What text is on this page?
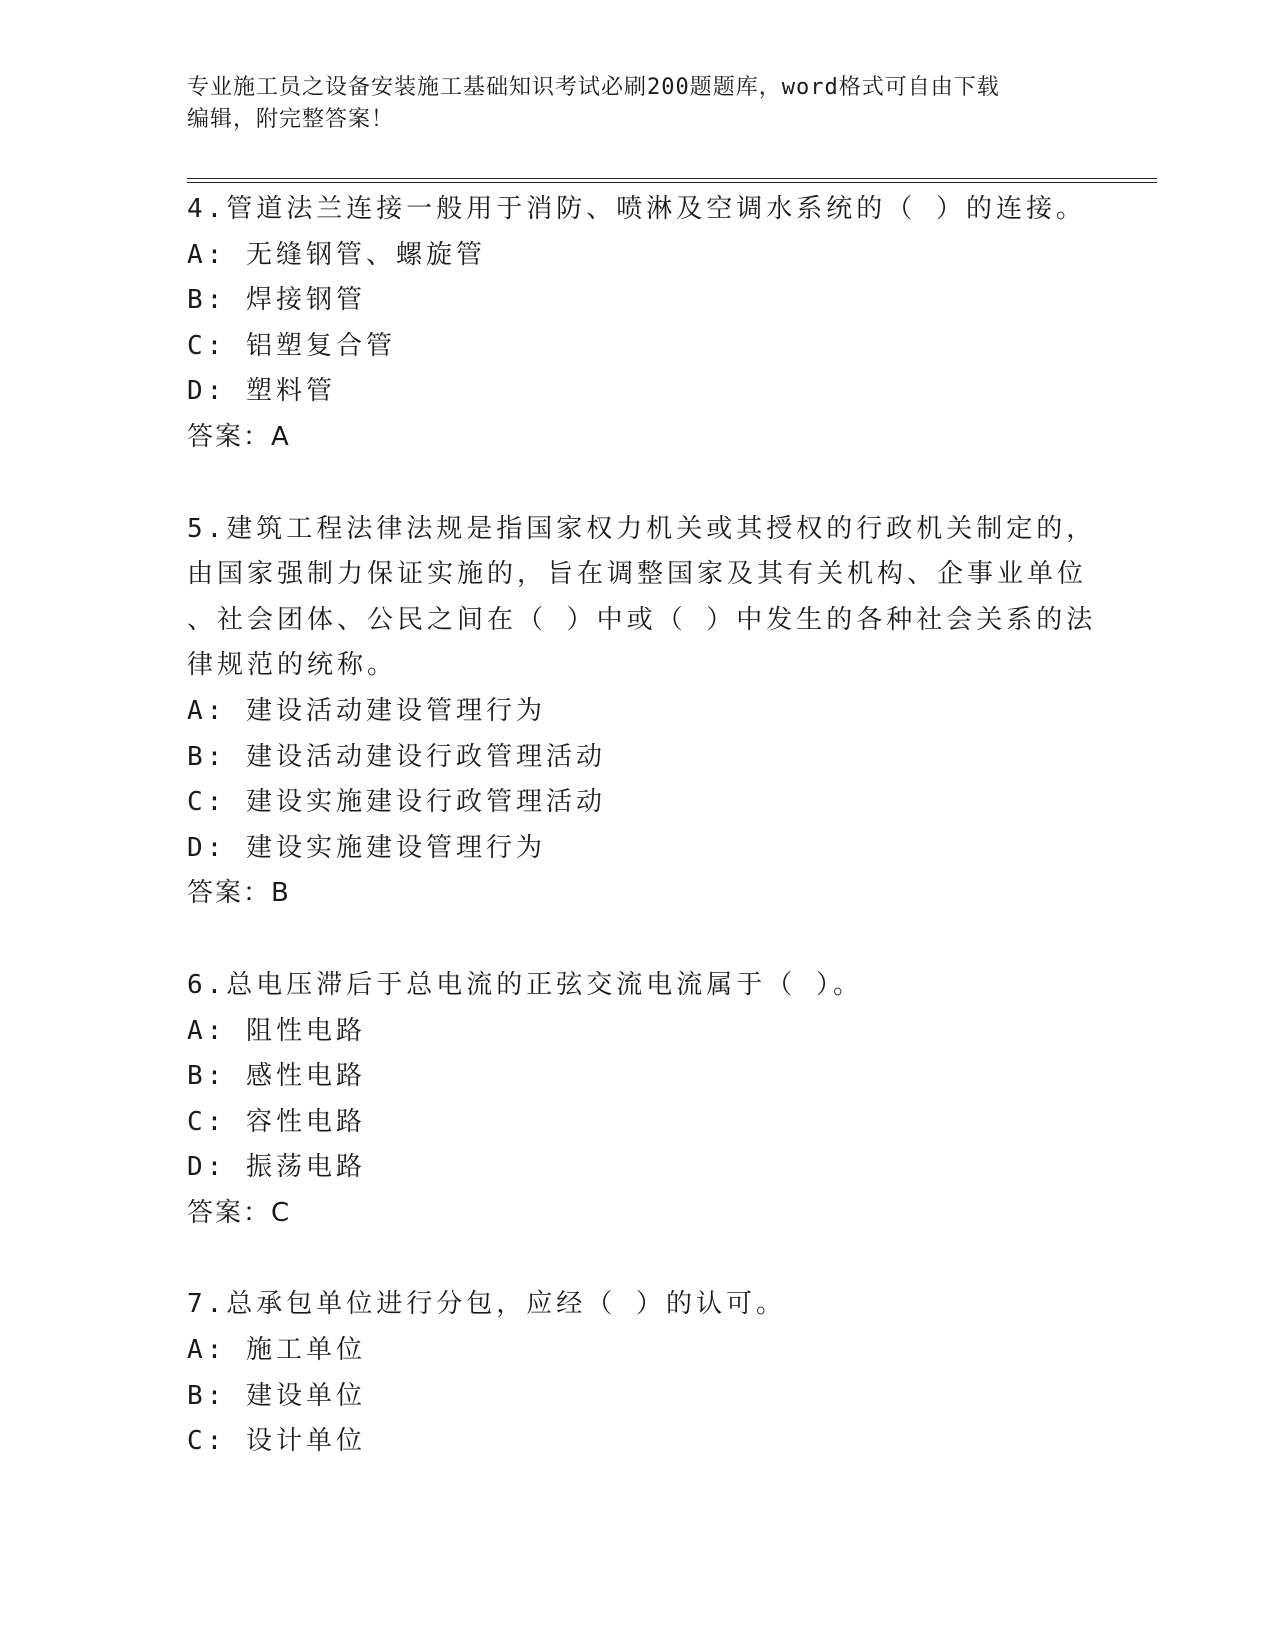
专业施工员之设备安装施工基础知识考试必刷200题题库，word格式可自由下载
编辑，附完整答案！
4.管道法兰连接一般用于消防、喷淋及空调水系统的（ ）的连接。
A: 无缝钢管、螺旋管
B: 焊接钢管
C: 铝塑复合管
D: 塑料管
答案：A
5.建筑工程法律法规是指国家权力机关或其授权的行政机关制定的，
由国家强制力保证实施的，旨在调整国家及其有关机构、企事业单位
、社会团体、公民之间在（ ）中或（ ）中发生的各种社会关系的法
律规范的统称。
A: 建设活动建设管理行为
B: 建设活动建设行政管理活动
C: 建设实施建设行政管理活动
D: 建设实施建设管理行为
答案：B
6.总电压滞后于总电流的正弦交流电流属于（ ）。
A: 阻性电路
B: 感性电路
C: 容性电路
D: 振荡电路
答案：C
7.总承包单位进行分包，应经（ ）的认可。
A: 施工单位
B: 建设单位
C: 设计单位
